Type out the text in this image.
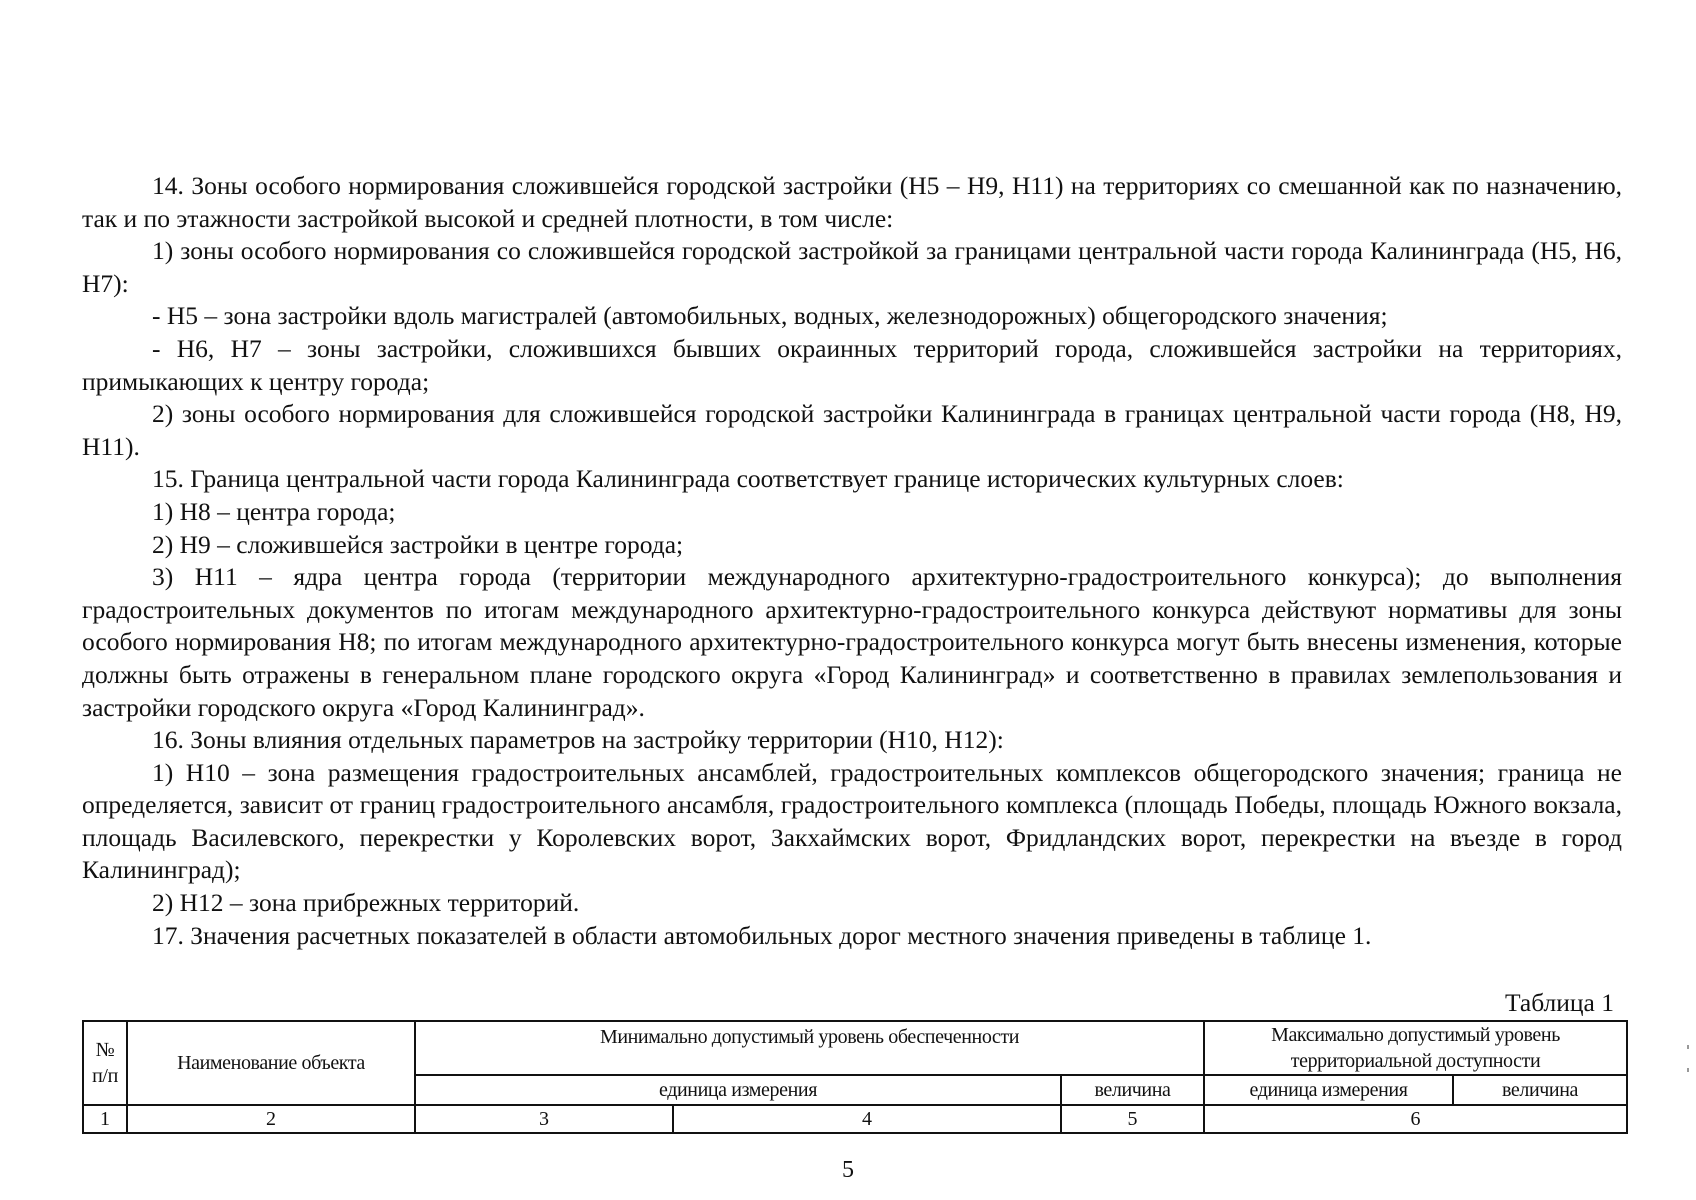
14. Зоны особого нормирования сложившейся городской застройки (Н5 – Н9, Н11) на территориях со смешанной как по назначению, так и по этажности застройкой высокой и средней плотности, в том числе:

1) зоны особого нормирования со сложившейся городской застройкой за границами центральной части города Калининграда (Н5, Н6, Н7):

- Н5 – зона застройки вдоль магистралей (автомобильных, водных, железнодорожных) общегородского значения;

- Н6, Н7 – зоны застройки, сложившихся бывших окраинных территорий города, сложившейся застройки на территориях, примыкающих к центру города;

2) зоны особого нормирования для сложившейся городской застройки Калининграда в границах центральной части города (Н8, Н9, Н11).

15. Граница центральной части города Калининграда соответствует границе исторических культурных слоев:

1) Н8 – центра города;

2) Н9 – сложившейся застройки в центре города;

3) Н11 – ядра центра города (территории международного архитектурно-градостроительного конкурса); до выполнения градостроительных документов по итогам международного архитектурно-градостроительного конкурса действуют нормативы для зоны особого нормирования Н8; по итогам международного архитектурно-градостроительного конкурса могут быть внесены изменения, которые должны быть отражены в генеральном плане городского округа «Город Калининград» и соответственно в правилах землепользования и застройки городского округа «Город Калининград».

16. Зоны влияния отдельных параметров на застройку территории (Н10, Н12):

1) Н10 – зона размещения градостроительных ансамблей, градостроительных комплексов общегородского значения; граница не определяется, зависит от границ градостроительного ансамбля, градостроительного комплекса (площадь Победы, площадь Южного вокзала, площадь Василевского, перекрестки у Королевских ворот, Закхаймских ворот, Фридландских ворот, перекрестки на въезде в город Калининград);

2) Н12 – зона прибрежных территорий.

17. Значения расчетных показателей в области автомобильных дорог местного значения приведены в таблице 1.

Таблица 1
№ п/п	Наименование объекта	Минимально допустимый уровень обеспеченности			Максимально допустимый уровень территориальной доступности	
		единица измерения		величина	единица измерения	величина
1	2	3	4	5	6	
5
